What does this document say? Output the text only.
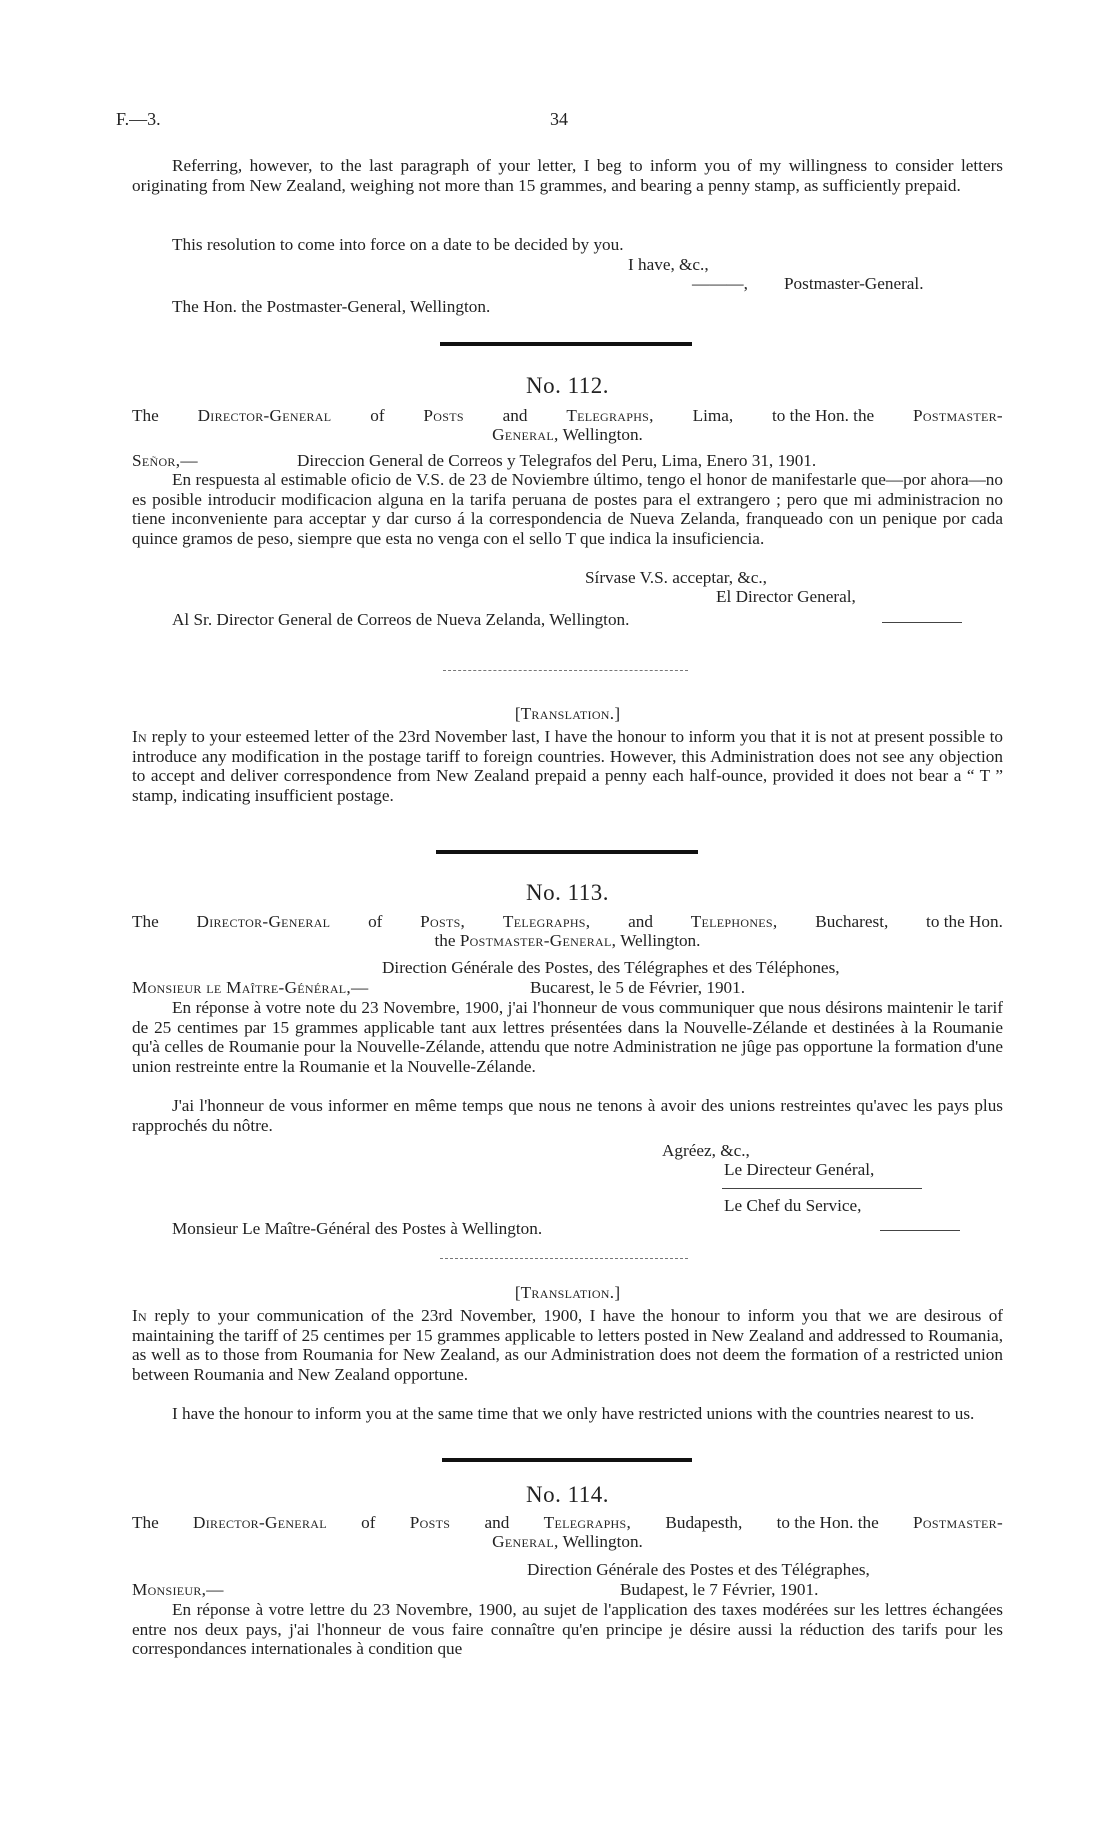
F.—3.	34
Referring, however, to the last paragraph of your letter, I beg to inform you of my willingness to consider letters originating from New Zealand, weighing not more than 15 grammes, and bearing a penny stamp, as sufficiently prepaid.
This resolution to come into force on a date to be decided by you.
I have, &c.,
———, Postmaster-General.
The Hon. the Postmaster-General, Wellington.
No. 112.
The Director-General of Posts and Telegraphs, Lima, to the Hon. the Postmaster-
General, Wellington.
Señor,—	Direccion General de Correos y Telegrafos del Peru, Lima, Enero 31, 1901.
En respuesta al estimable oficio de V.S. de 23 de Noviembre último, tengo el honor de manifestarle que—por ahora—no es posible introducir modificacion alguna en la tarifa peruana de postes para el extrangero ; pero que mi administracion no tiene inconveniente para acceptar y dar curso á la correspondencia de Nueva Zelanda, franqueado con un penique por cada quince gramos de peso, siempre que esta no venga con el sello T que indica la insuficiencia.
Sírvase V.S. acceptar, &c.,
El Director General,
Al Sr. Director General de Correos de Nueva Zelanda, Wellington.
[Translation.]
In reply to your esteemed letter of the 23rd November last, I have the honour to inform you that it is not at present possible to introduce any modification in the postage tariff to foreign countries. However, this Administration does not see any objection to accept and deliver correspondence from New Zealand prepaid a penny each half-ounce, provided it does not bear a “ T ” stamp, indicating insufficient postage.
No. 113.
The Director-General of Posts, Telegraphs, and Telephones, Bucharest, to the Hon.
the Postmaster-General, Wellington.
Direction Générale des Postes, des Télégraphes et des Téléphones,
Monsieur le Maître-Général,—	Bucarest, le 5 de Février, 1901.
En réponse à votre note du 23 Novembre, 1900, j'ai l'honneur de vous communiquer que nous désirons maintenir le tarif de 25 centimes par 15 grammes applicable tant aux lettres présentées dans la Nouvelle-Zélande et destinées à la Roumanie qu'à celles de Roumanie pour la Nouvelle-Zélande, attendu que notre Administration ne jûge pas opportune la formation d'une union restreinte entre la Roumanie et la Nouvelle-Zélande.
J'ai l'honneur de vous informer en même temps que nous ne tenons à avoir des unions restreintes qu'avec les pays plus rapprochés du nôtre.
Agréez, &c.,
Le Directeur Genéral,
Le Chef du Service,
Monsieur Le Maître-Général des Postes à Wellington.
[Translation.]
In reply to your communication of the 23rd November, 1900, I have the honour to inform you that we are desirous of maintaining the tariff of 25 centimes per 15 grammes applicable to letters posted in New Zealand and addressed to Roumania, as well as to those from Roumania for New Zealand, as our Administration does not deem the formation of a restricted union between Roumania and New Zealand opportune.
I have the honour to inform you at the same time that we only have restricted unions with the countries nearest to us.
No. 114.
The Director-General of Posts and Telegraphs, Budapesth, to the Hon. the Postmaster-
General, Wellington.
Direction Générale des Postes et des Télégraphes,
Monsieur,—	Budapest, le 7 Février, 1901.
En réponse à votre lettre du 23 Novembre, 1900, au sujet de l'application des taxes modérées sur les lettres échangées entre nos deux pays, j'ai l'honneur de vous faire connaître qu'en principe je désire aussi la réduction des tarifs pour les correspondances internationales à condition que
